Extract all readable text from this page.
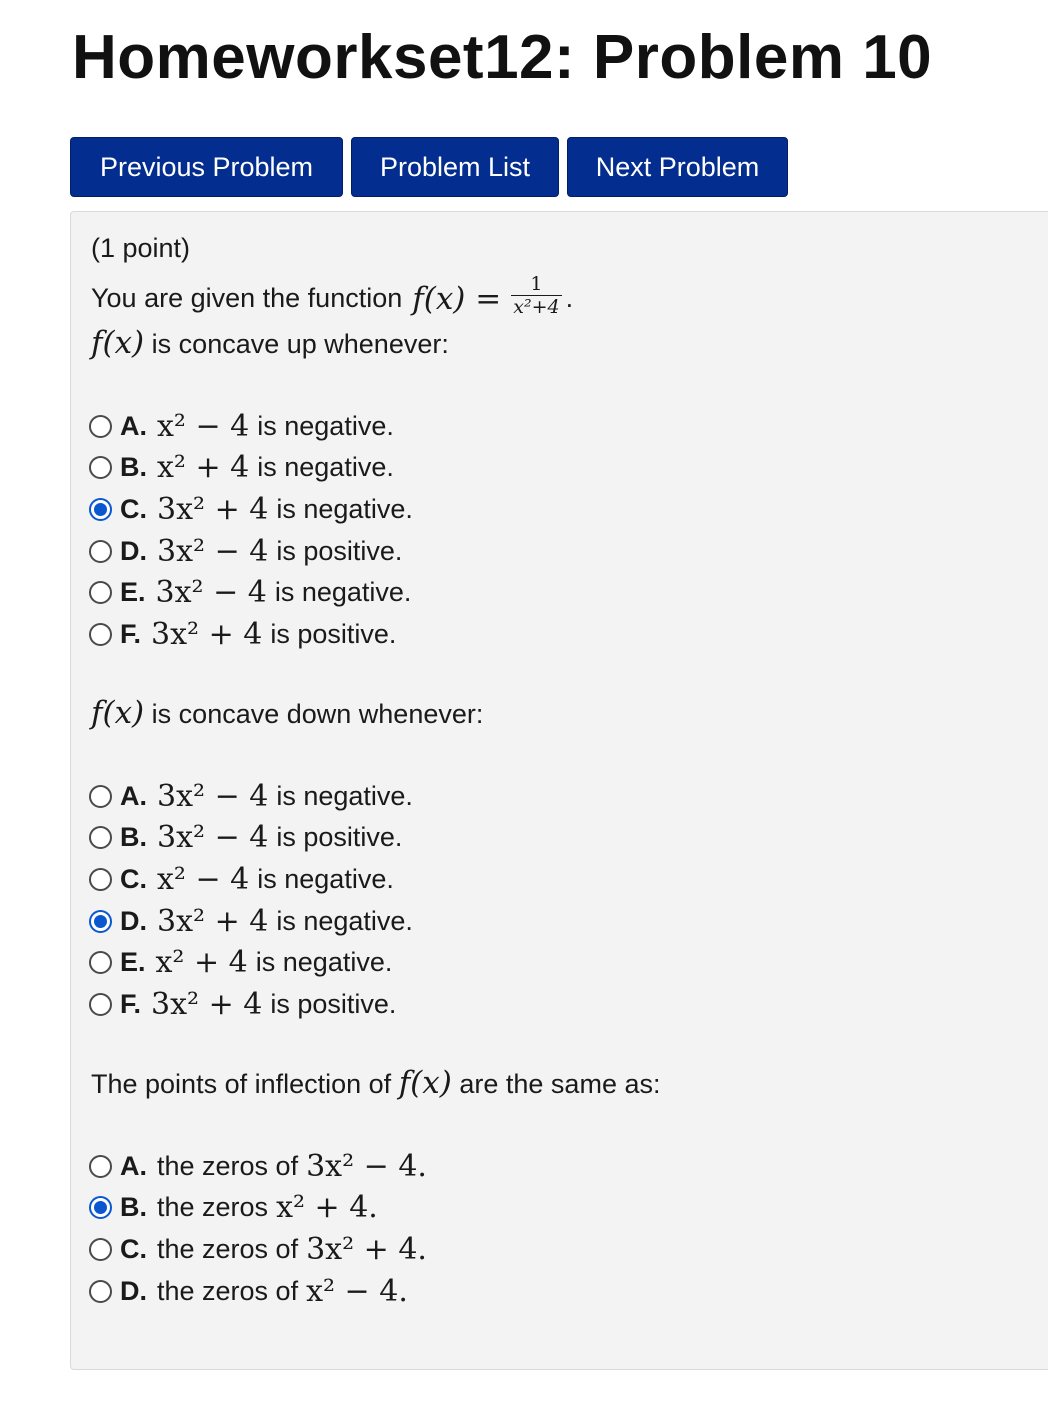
Homeworkset12: Problem 10
Previous Problem	Problem List	Next Problem
(1 point)
You are given the function $f(x) = \frac{1}{\text{x²+4}}$ .
f(x) is concave up whenever:
A. x² − 4 is negative.
B. x² + 4 is negative.
C. 3x² + 4 is negative.
D. 3x² − 4 is positive.
E. 3x² − 4 is negative.
F. 3x² + 4 is positive.
f(x) is concave down whenever:
A. 3x² − 4 is negative.
B. 3x² − 4 is positive.
C. x² − 4 is negative.
D. 3x² + 4 is negative.
E. x² + 4 is negative.
F. 3x² + 4 is positive.
The points of inflection of f(x) are the same as:
A. the zeros of 3x² − 4.
B. the zeros x² + 4.
C. the zeros of 3x² + 4.
D. the zeros of x² − 4.
